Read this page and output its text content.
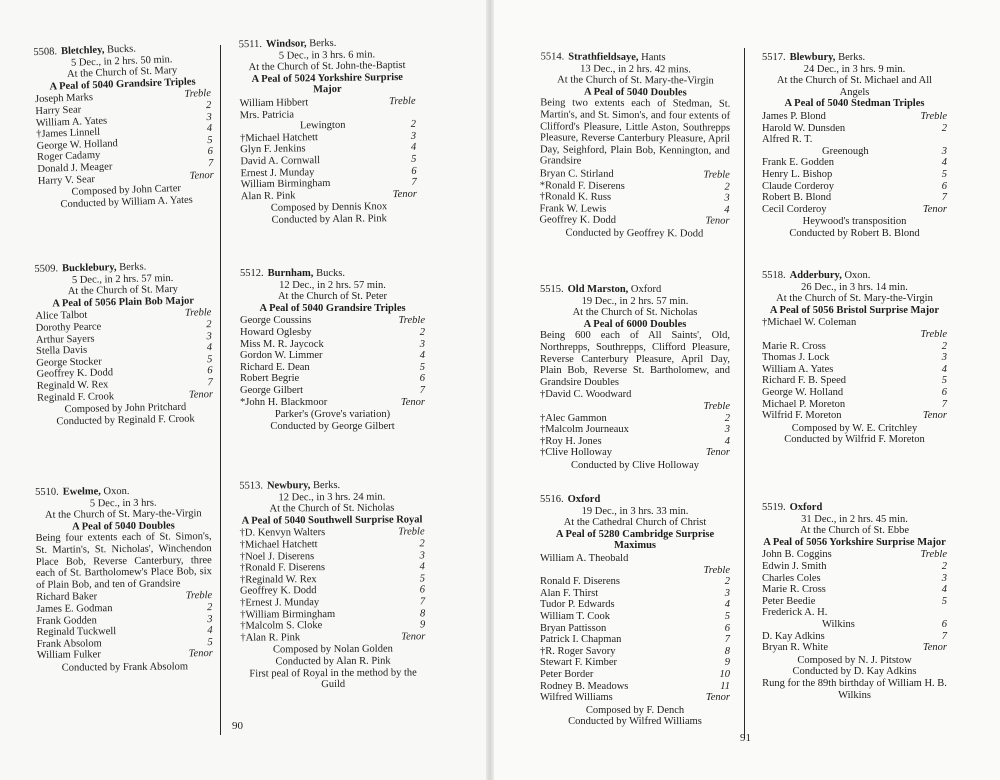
90
91
5508. Bletchley, Bucks.
5 Dec., in 2 hrs. 50 min.
At the Church of St. Mary
A Peal of 5040 Grandsire Triples
Joseph Marks	Treble
Harry Sear	2
William A. Yates	3
†James Linnell	4
George W. Holland	5
Roger Cadamy	6
Donald J. Meager	7
Harry V. Sear	Tenor
Composed by John Carter
Conducted by William A. Yates
5509. Bucklebury, Berks.
5 Dec., in 2 hrs. 57 min.
At the Church of St. Mary
A Peal of 5056 Plain Bob Major
Alice Talbot	Treble
Dorothy Pearce	2
Arthur Sayers	3
Stella Davis	4
George Stocker	5
Geoffrey K. Dodd	6
Reginald W. Rex	7
Reginald F. Crook	Tenor
Composed by John Pritchard
Conducted by Reginald F. Crook
5510. Ewelme, Oxon.
5 Dec., in 3 hrs.
At the Church of St. Mary-the-Virgin
A Peal of 5040 Doubles
Being four extents each of St. Simon's, St. Martin's, St. Nicholas', Winchendon Place Bob, Reverse Canterbury, three each of St. Bartholomew's Place Bob, six of Plain Bob, and ten of Grandsire
Richard Baker	Treble
James E. Godman	2
Frank Godden	3
Reginald Tuckwell	4
Frank Absolom	5
William Fulker	Tenor
Conducted by Frank Absolom
5511. Windsor, Berks.
5 Dec., in 3 hrs. 6 min.
At the Church of St. John-the-Baptist
A Peal of 5024 Yorkshire Surprise Major
William Hibbert	Treble
Mrs. Patricia
Lewington	2
†Michael Hatchett	3
Glyn F. Jenkins	4
David A. Cornwall	5
Ernest J. Munday	6
William Birmingham	7
Alan R. Pink	Tenor
Composed by Dennis Knox
Conducted by Alan R. Pink
5512. Burnham, Bucks.
12 Dec., in 2 hrs. 57 min.
At the Church of St. Peter
A Peal of 5040 Grandsire Triples
George Coussins	Treble
Howard Oglesby	2
Miss M. R. Jaycock	3
Gordon W. Limmer	4
Richard E. Dean	5
Robert Begrie	6
George Gilbert	7
*John H. Blackmoor	Tenor
Parker's (Grove's variation)
Conducted by George Gilbert
5513. Newbury, Berks.
12 Dec., in 3 hrs. 24 min.
At the Church of St. Nicholas
A Peal of 5040 Southwell Surprise Royal
†D. Kenvyn Walters	Treble
†Michael Hatchett	2
†Noel J. Diserens	3
†Ronald F. Diserens	4
†Reginald W. Rex	5
Geoffrey K. Dodd	6
†Ernest J. Munday	7
†William Birmingham	8
†Malcolm S. Cloke	9
†Alan R. Pink	Tenor
Composed by Nolan Golden
Conducted by Alan R. Pink
First peal of Royal in the method by the Guild
5514. Strathfieldsaye, Hants
13 Dec., in 2 hrs. 42 mins.
At the Church of St. Mary-the-Virgin
A Peal of 5040 Doubles
Being two extents each of Stedman, St. Martin's, and St. Simon's, and four extents of Clifford's Pleasure, Little Aston, Southrepps Pleasure, Reverse Canterbury Pleasure, April Day, Seighford, Plain Bob, Kennington, and Grandsire
Bryan C. Stirland	Treble
*Ronald F. Diserens	2
†Ronald K. Russ	3
Frank W. Lewis	4
Geoffrey K. Dodd	Tenor
Conducted by Geoffrey K. Dodd
5515. Old Marston, Oxford
19 Dec., in 2 hrs. 57 min.
At the Church of St. Nicholas
A Peal of 6000 Doubles
Being 600 each of All Saints', Old, Northrepps, Southrepps, Clifford Pleasure, Reverse Canterbury Pleasure, April Day, Plain Bob, Reverse St. Bartholomew, and Grandsire Doubles
†David C. Woodward
Treble
†Alec Gammon	2
†Malcolm Journeaux	3
†Roy H. Jones	4
†Clive Holloway	Tenor
Conducted by Clive Holloway
5516. Oxford
19 Dec., in 3 hrs. 33 min.
At the Cathedral Church of Christ
A Peal of 5280 Cambridge Surprise Maximus
William A. Theobald
Treble
Ronald F. Diserens	2
Alan F. Thirst	3
Tudor P. Edwards	4
William T. Cook	5
Bryan Pattisson	6
Patrick I. Chapman	7
†R. Roger Savory	8
Stewart F. Kimber	9
Peter Border	10
Rodney B. Meadows	11
Wilfred Williams	Tenor
Composed by F. Dench
Conducted by Wilfred Williams
5517. Blewbury, Berks.
24 Dec., in 3 hrs. 9 min.
At the Church of St. Michael and All Angels
A Peal of 5040 Stedman Triples
James P. Blond	Treble
Harold W. Dunsden	2
Alfred R. T.
Greenough	3
Frank E. Godden	4
Henry L. Bishop	5
Claude Corderoy	6
Robert B. Blond	7
Cecil Corderoy	Tenor
Heywood's transposition
Conducted by Robert B. Blond
5518. Adderbury, Oxon.
26 Dec., in 3 hrs. 14 min.
At the Church of St. Mary-the-Virgin
A Peal of 5056 Bristol Surprise Major
†Michael W. Coleman
Treble
Marie R. Cross	2
Thomas J. Lock	3
William A. Yates	4
Richard F. B. Speed	5
George W. Holland	6
Michael P. Moreton	7
Wilfrid F. Moreton	Tenor
Composed by W. E. Critchley
Conducted by Wilfrid F. Moreton
5519. Oxford
31 Dec., in 2 hrs. 45 min.
At the Church of St. Ebbe
A Peal of 5056 Yorkshire Surprise Major
John B. Coggins	Treble
Edwin J. Smith	2
Charles Coles	3
Marie R. Cross	4
Peter Beedie	5
Frederick A. H.
Wilkins	6
D. Kay Adkins	7
Bryan R. White	Tenor
Composed by N. J. Pitstow
Conducted by D. Kay Adkins
Rung for the 89th birthday of William H. B. Wilkins
